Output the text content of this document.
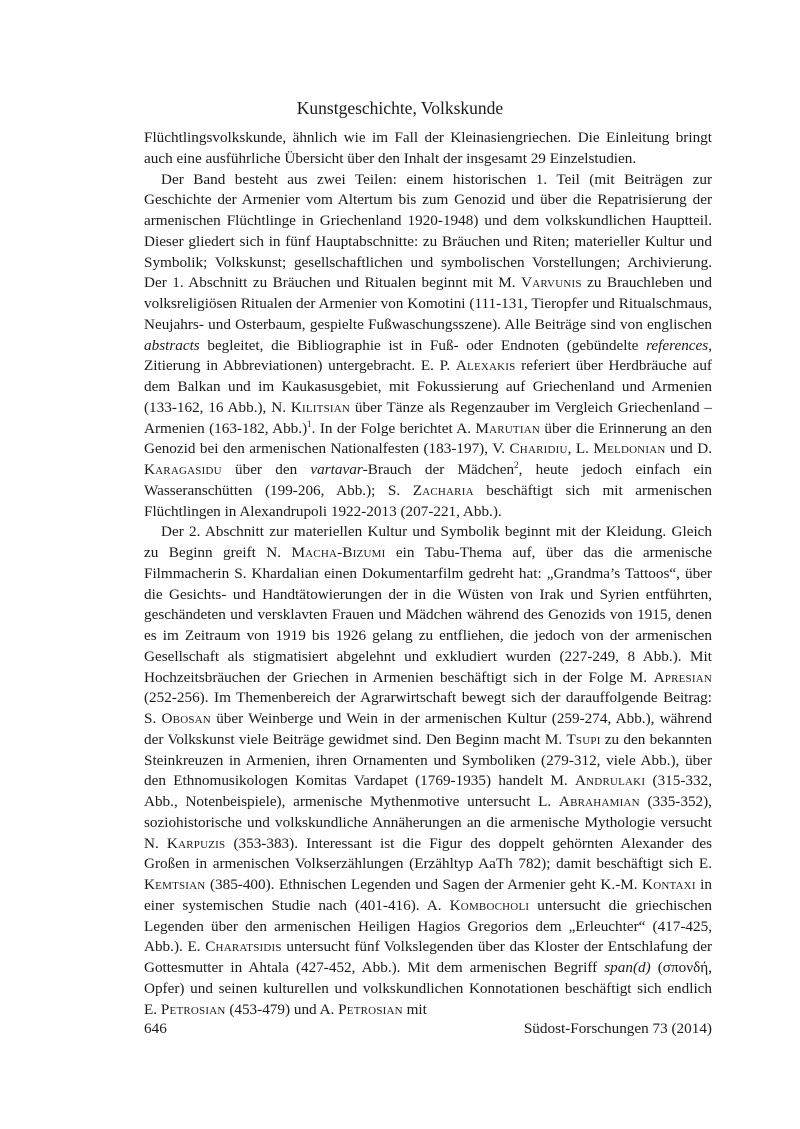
Kunstgeschichte, Volkskunde

Flüchtlingsvolkskunde, ähnlich wie im Fall der Kleinasiengriechen. Die Einleitung bringt auch eine ausführliche Übersicht über den Inhalt der insgesamt 29 Einzelstudien.

Der Band besteht aus zwei Teilen: einem historischen 1. Teil (mit Beiträgen zur Geschichte der Armenier vom Altertum bis zum Genozid und über die Repatrisierung der armenischen Flüchtlinge in Griechenland 1920-1948) und dem volkskundlichen Hauptteil. Dieser gliedert sich in fünf Hauptabschnitte: zu Bräuchen und Riten; materieller Kultur und Symbolik; Volkskunst; gesellschaftlichen und symbolischen Vorstellungen; Archivierung. Der 1. Abschnitt zu Bräuchen und Ritualen beginnt mit M. Varvunis zu Brauchleben und volksreligiösen Ritualen der Armenier von Komotini (111-131, Tieropfer und Ritualschmaus, Neujahrs- und Osterbaum, gespielte Fußwaschungsszene). Alle Beiträge sind von englischen abstracts begleitet, die Bibliographie ist in Fuß- oder Endnoten (gebündelte references, Zitierung in Abbreviationen) untergebracht. E. P. Alexakis referiert über Herdbräuche auf dem Balkan und im Kaukasusgebiet, mit Fokussierung auf Griechenland und Armenien (133-162, 16 Abb.), N. Kilitsian über Tänze als Regenzauber im Vergleich Griechenland – Armenien (163-182, Abb.)$^1$. In der Folge berichtet A. Marutian über die Erinnerung an den Genozid bei den armenischen Nationalfesten (183-197), V. Charidiu, L. Meldonian und D. Karagasidu über den vartavar-Brauch der Mädchen$^2$, heute jedoch einfach ein Wasseranschütten (199-206, Abb.); S. Zacharia beschäftigt sich mit armenischen Flüchtlingen in Alexandrupoli 1922-2013 (207-221, Abb.).

Der 2. Abschnitt zur materiellen Kultur und Symbolik beginnt mit der Kleidung. Gleich zu Beginn greift N. Macha-Bizumi ein Tabu-Thema auf, über das die armenische Filmmacherin S. Khardalian einen Dokumentarfilm gedreht hat: „Grandma’s Tattoos“, über die Gesichts- und Handtätowierungen der in die Wüsten von Irak und Syrien entführten, geschändeten und versklavten Frauen und Mädchen während des Genozids von 1915, denen es im Zeitraum von 1919 bis 1926 gelang zu entfliehen, die jedoch von der armenischen Gesellschaft als stigmatisiert abgelehnt und exkludiert wurden (227-249, 8 Abb.). Mit Hochzeitsbräuchen der Griechen in Armenien beschäftigt sich in der Folge M. Apresian (252-256). Im Themenbereich der Agrarwirtschaft bewegt sich der darauffolgende Beitrag: S. Obosan über Weinberge und Wein in der armenischen Kultur (259-274, Abb.), während der Volkskunst viele Beiträge gewidmet sind. Den Beginn macht M. Tsupi zu den bekannten Steinkreuzen in Armenien, ihren Ornamenten und Symboliken (279-312, viele Abb.), über den Ethnomusikologen Komitas Vardapet (1769-1935) handelt M. Andrulaki (315-332, Abb., Notenbeispiele), armenische Mythenmotive untersucht L. Abrahamian (335-352), soziohistorische und volkskundliche Annäherungen an die armenische Mythologie versucht N. Karpuzis (353-383). Interessant ist die Figur des doppelt gehörnten Alexander des Großen in armenischen Volkserzählungen (Erzähltyp AaTh 782); damit beschäftigt sich E. Kemtsian (385-400). Ethnischen Legenden und Sagen der Armenier geht K.-M. Kontaxi in einer systemischen Studie nach (401-416). A. Kombocholi untersucht die griechischen Legenden über den armenischen Heiligen Hagios Gregorios dem „Erleuchter“ (417-425, Abb.). E. Charatsidis untersucht fünf Volkslegenden über das Kloster der Entschlafung der Gottesmutter in Ahtala (427-452, Abb.). Mit dem armenischen Begriff span(d) (σπονδή, Opfer) und seinen kulturellen und volkskundlichen Konnotationen beschäftigt sich endlich E. Petrosian (453-479) und A. Petrosian mit

646	Südost-Forschungen 73 (2014)
